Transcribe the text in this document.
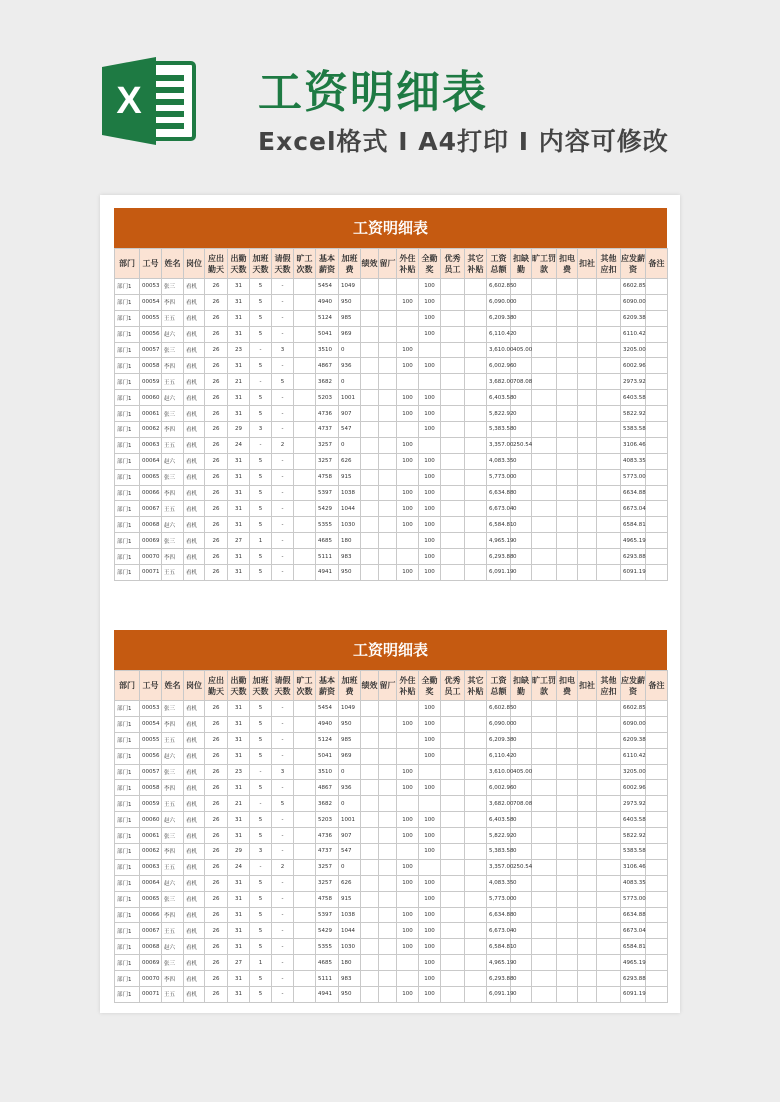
X	工资明细表
Excel格式 I A4打印 I 内容可修改
工资明细表
部门	工号	姓名	岗位	应出勤天	出勤天数	加班天数	请假天数	旷工次数	基本薪资	加班费	绩效	留厂	外住补贴	全勤奖	优秀员工	其它补贴	工资总额	扣缺勤	旷工罚款	扣电费	扣社	其他应扣	应发薪资	备注
部门1	00053	张三	看机	26	31	5	-		5454	1049				100			6,602.85	0					6602.85	
部门1	00054	李四	看机	26	31	5	-		4940	950			100	100			6,090.00	0					6090.00	
部门1	00055	王五	看机	26	31	5	-		5124	985				100			6,209.38	0					6209.38	
部门1	00056	赵六	看机	26	31	5	-		5041	969				100			6,110.42	0					6110.42	
部门1	00057	张三	看机	26	23	-	3		3510	0			100				3,610.00	405.00					3205.00	
部门1	00058	李四	看机	26	31	5	-		4867	936			100	100			6,002.96	0					6002.96	
部门1	00059	王五	看机	26	21	-	5		3682	0							3,682.00	708.08					2973.92	
部门1	00060	赵六	看机	26	31	5	-		5203	1001			100	100			6,403.58	0					6403.58	
部门1	00061	张三	看机	26	31	5	-		4736	907			100	100			5,822.92	0					5822.92	
部门1	00062	李四	看机	26	29	3	-		4737	547				100			5,383.58	0					5383.58	
部门1	00063	王五	看机	26	24	-	2		3257	0			100				3,357.00	250.54					3106.46	
部门1	00064	赵六	看机	26	31	5	-		3257	626			100	100			4,083.35	0					4083.35	
部门1	00065	张三	看机	26	31	5	-		4758	915				100			5,773.00	0					5773.00	
部门1	00066	李四	看机	26	31	5	-		5397	1038			100	100			6,634.88	0					6634.88	
部门1	00067	王五	看机	26	31	5	-		5429	1044			100	100			6,673.04	0					6673.04	
部门1	00068	赵六	看机	26	31	5	-		5355	1030			100	100			6,584.81	0					6584.81	
部门1	00069	张三	看机	26	27	1	-		4685	180				100			4,965.19	0					4965.19	
部门1	00070	李四	看机	26	31	5	-		5111	983				100			6,293.88	0					6293.88	
部门1	00071	王五	看机	26	31	5	-		4941	950			100	100			6,091.19	0					6091.19	
工资明细表
部门	工号	姓名	岗位	应出勤天	出勤天数	加班天数	请假天数	旷工次数	基本薪资	加班费	绩效	留厂	外住补贴	全勤奖	优秀员工	其它补贴	工资总额	扣缺勤	旷工罚款	扣电费	扣社	其他应扣	应发薪资	备注
部门1	00053	张三	看机	26	31	5	-		5454	1049				100			6,602.85	0					6602.85	
部门1	00054	李四	看机	26	31	5	-		4940	950			100	100			6,090.00	0					6090.00	
部门1	00055	王五	看机	26	31	5	-		5124	985				100			6,209.38	0					6209.38	
部门1	00056	赵六	看机	26	31	5	-		5041	969				100			6,110.42	0					6110.42	
部门1	00057	张三	看机	26	23	-	3		3510	0			100				3,610.00	405.00					3205.00	
部门1	00058	李四	看机	26	31	5	-		4867	936			100	100			6,002.96	0					6002.96	
部门1	00059	王五	看机	26	21	-	5		3682	0							3,682.00	708.08					2973.92	
部门1	00060	赵六	看机	26	31	5	-		5203	1001			100	100			6,403.58	0					6403.58	
部门1	00061	张三	看机	26	31	5	-		4736	907			100	100			5,822.92	0					5822.92	
部门1	00062	李四	看机	26	29	3	-		4737	547				100			5,383.58	0					5383.58	
部门1	00063	王五	看机	26	24	-	2		3257	0			100				3,357.00	250.54					3106.46	
部门1	00064	赵六	看机	26	31	5	-		3257	626			100	100			4,083.35	0					4083.35	
部门1	00065	张三	看机	26	31	5	-		4758	915				100			5,773.00	0					5773.00	
部门1	00066	李四	看机	26	31	5	-		5397	1038			100	100			6,634.88	0					6634.88	
部门1	00067	王五	看机	26	31	5	-		5429	1044			100	100			6,673.04	0					6673.04	
部门1	00068	赵六	看机	26	31	5	-		5355	1030			100	100			6,584.81	0					6584.81	
部门1	00069	张三	看机	26	27	1	-		4685	180				100			4,965.19	0					4965.19	
部门1	00070	李四	看机	26	31	5	-		5111	983				100			6,293.88	0					6293.88	
部门1	00071	王五	看机	26	31	5	-		4941	950			100	100			6,091.19	0					6091.19	
